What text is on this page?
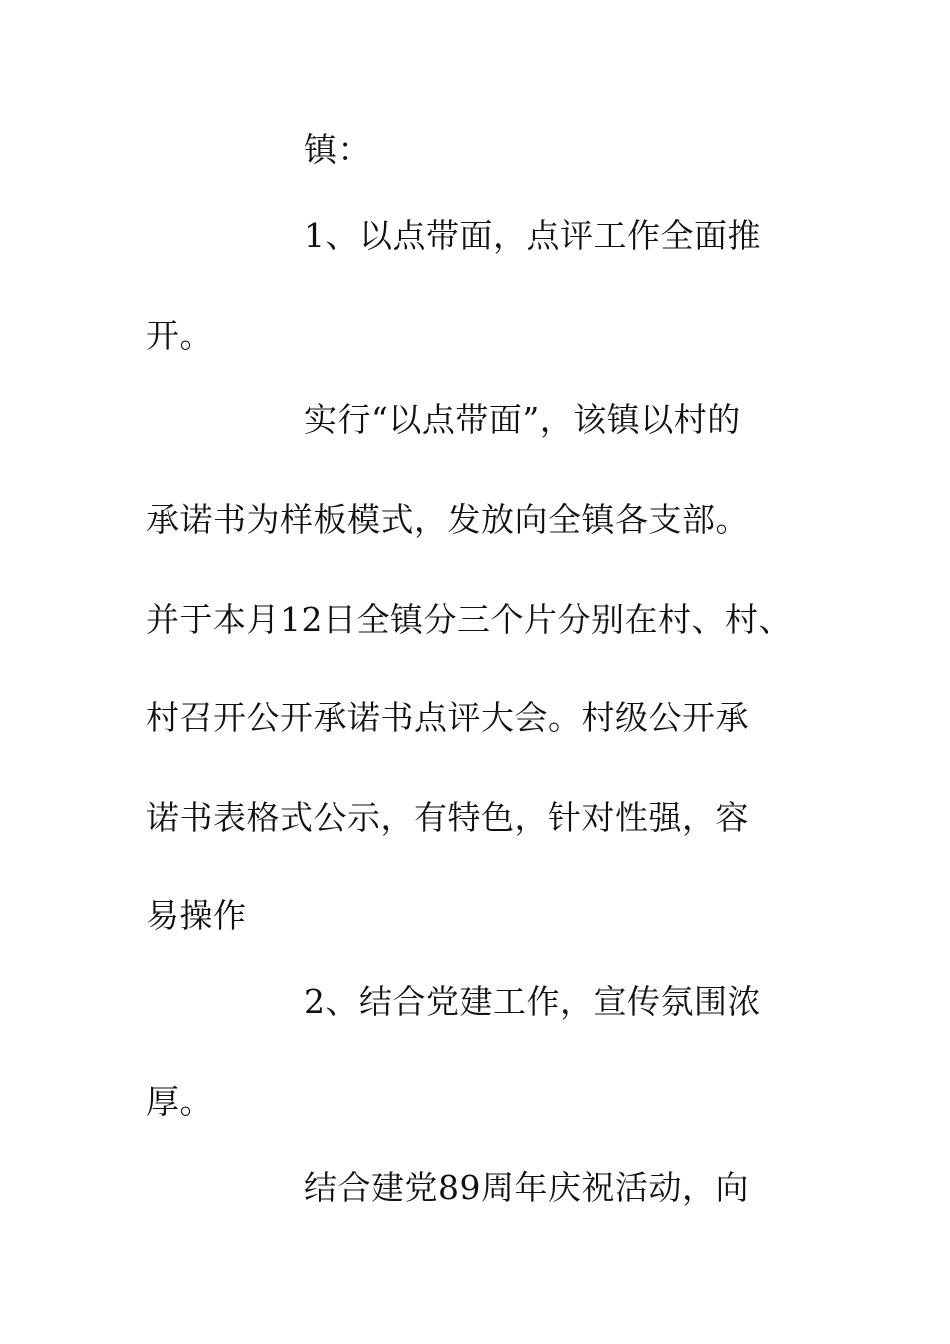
镇：
1、以点带面，点评工作全面推
开。
实行“以点带面”，该镇以村的
承诺书为样板模式，发放向全镇各支部。
并于本月12日全镇分三个片分别在村、村、
村召开公开承诺书点评大会。村级公开承
诺书表格式公示，有特色，针对性强，容
易操作
2、结合党建工作，宣传氛围浓
厚。
结合建党89周年庆祝活动，向
